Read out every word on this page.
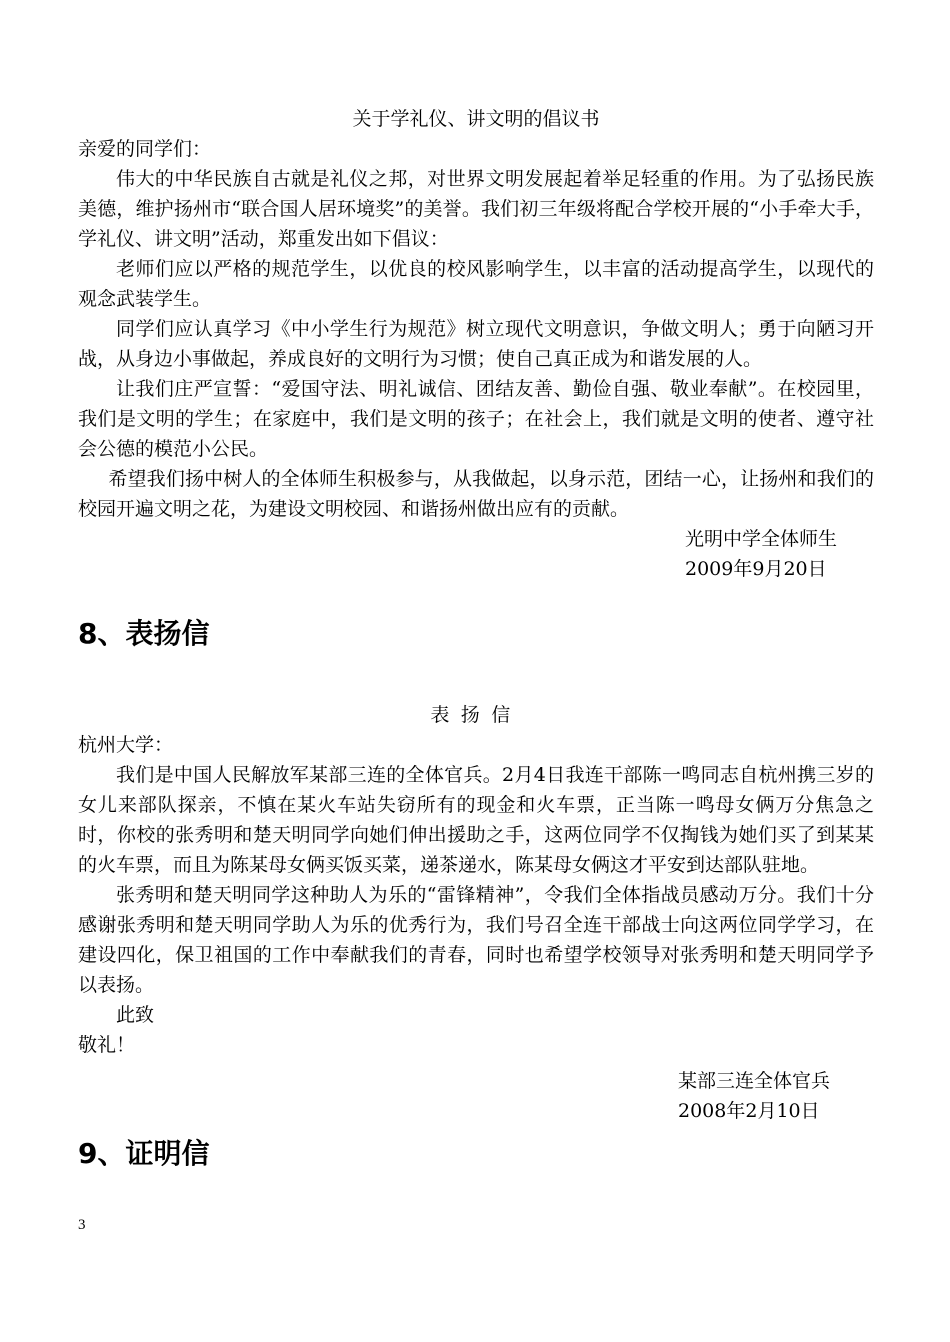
关于学礼仪、讲文明的倡议书
亲爱的同学们：
伟大的中华民族自古就是礼仪之邦，对世界文明发展起着举足轻重的作用。为了弘扬民族美德，维护扬州市“联合国人居环境奖”的美誉。我们初三年级将配合学校开展的“小手牵大手，学礼仪、讲文明”活动，郑重发出如下倡议：
老师们应以严格的规范学生，以优良的校风影响学生，以丰富的活动提高学生，以现代的观念武装学生。
同学们应认真学习《中小学生行为规范》树立现代文明意识，争做文明人；勇于向陋习开战，从身边小事做起，养成良好的文明行为习惯；使自己真正成为和谐发展的人。
让我们庄严宣誓：“爱国守法、明礼诚信、团结友善、勤俭自强、敬业奉献”。在校园里，我们是文明的学生；在家庭中，我们是文明的孩子；在社会上，我们就是文明的使者、遵守社会公德的模范小公民。
希望我们扬中树人的全体师生积极参与，从我做起，以身示范，团结一心，让扬州和我们的校园开遍文明之花，为建设文明校园、和谐扬州做出应有的贡献。
光明中学全体师生
2009年9月20日
8、表扬信
表扬信
杭州大学：
我们是中国人民解放军某部三连的全体官兵。2月4日我连干部陈一鸣同志自杭州携三岁的女儿来部队探亲，不慎在某火车站失窃所有的现金和火车票，正当陈一鸣母女俩万分焦急之时，你校的张秀明和楚天明同学向她们伸出援助之手，这两位同学不仅掏钱为她们买了到某某的火车票，而且为陈某母女俩买饭买菜，递茶递水，陈某母女俩这才平安到达部队驻地。
张秀明和楚天明同学这种助人为乐的“雷锋精神”，令我们全体指战员感动万分。我们十分感谢张秀明和楚天明同学助人为乐的优秀行为，我们号召全连干部战士向这两位同学学习，在建设四化，保卫祖国的工作中奉献我们的青春，同时也希望学校领导对张秀明和楚天明同学予以表扬。
此致
敬礼！
某部三连全体官兵
2008年2月10日
9、证明信
3
